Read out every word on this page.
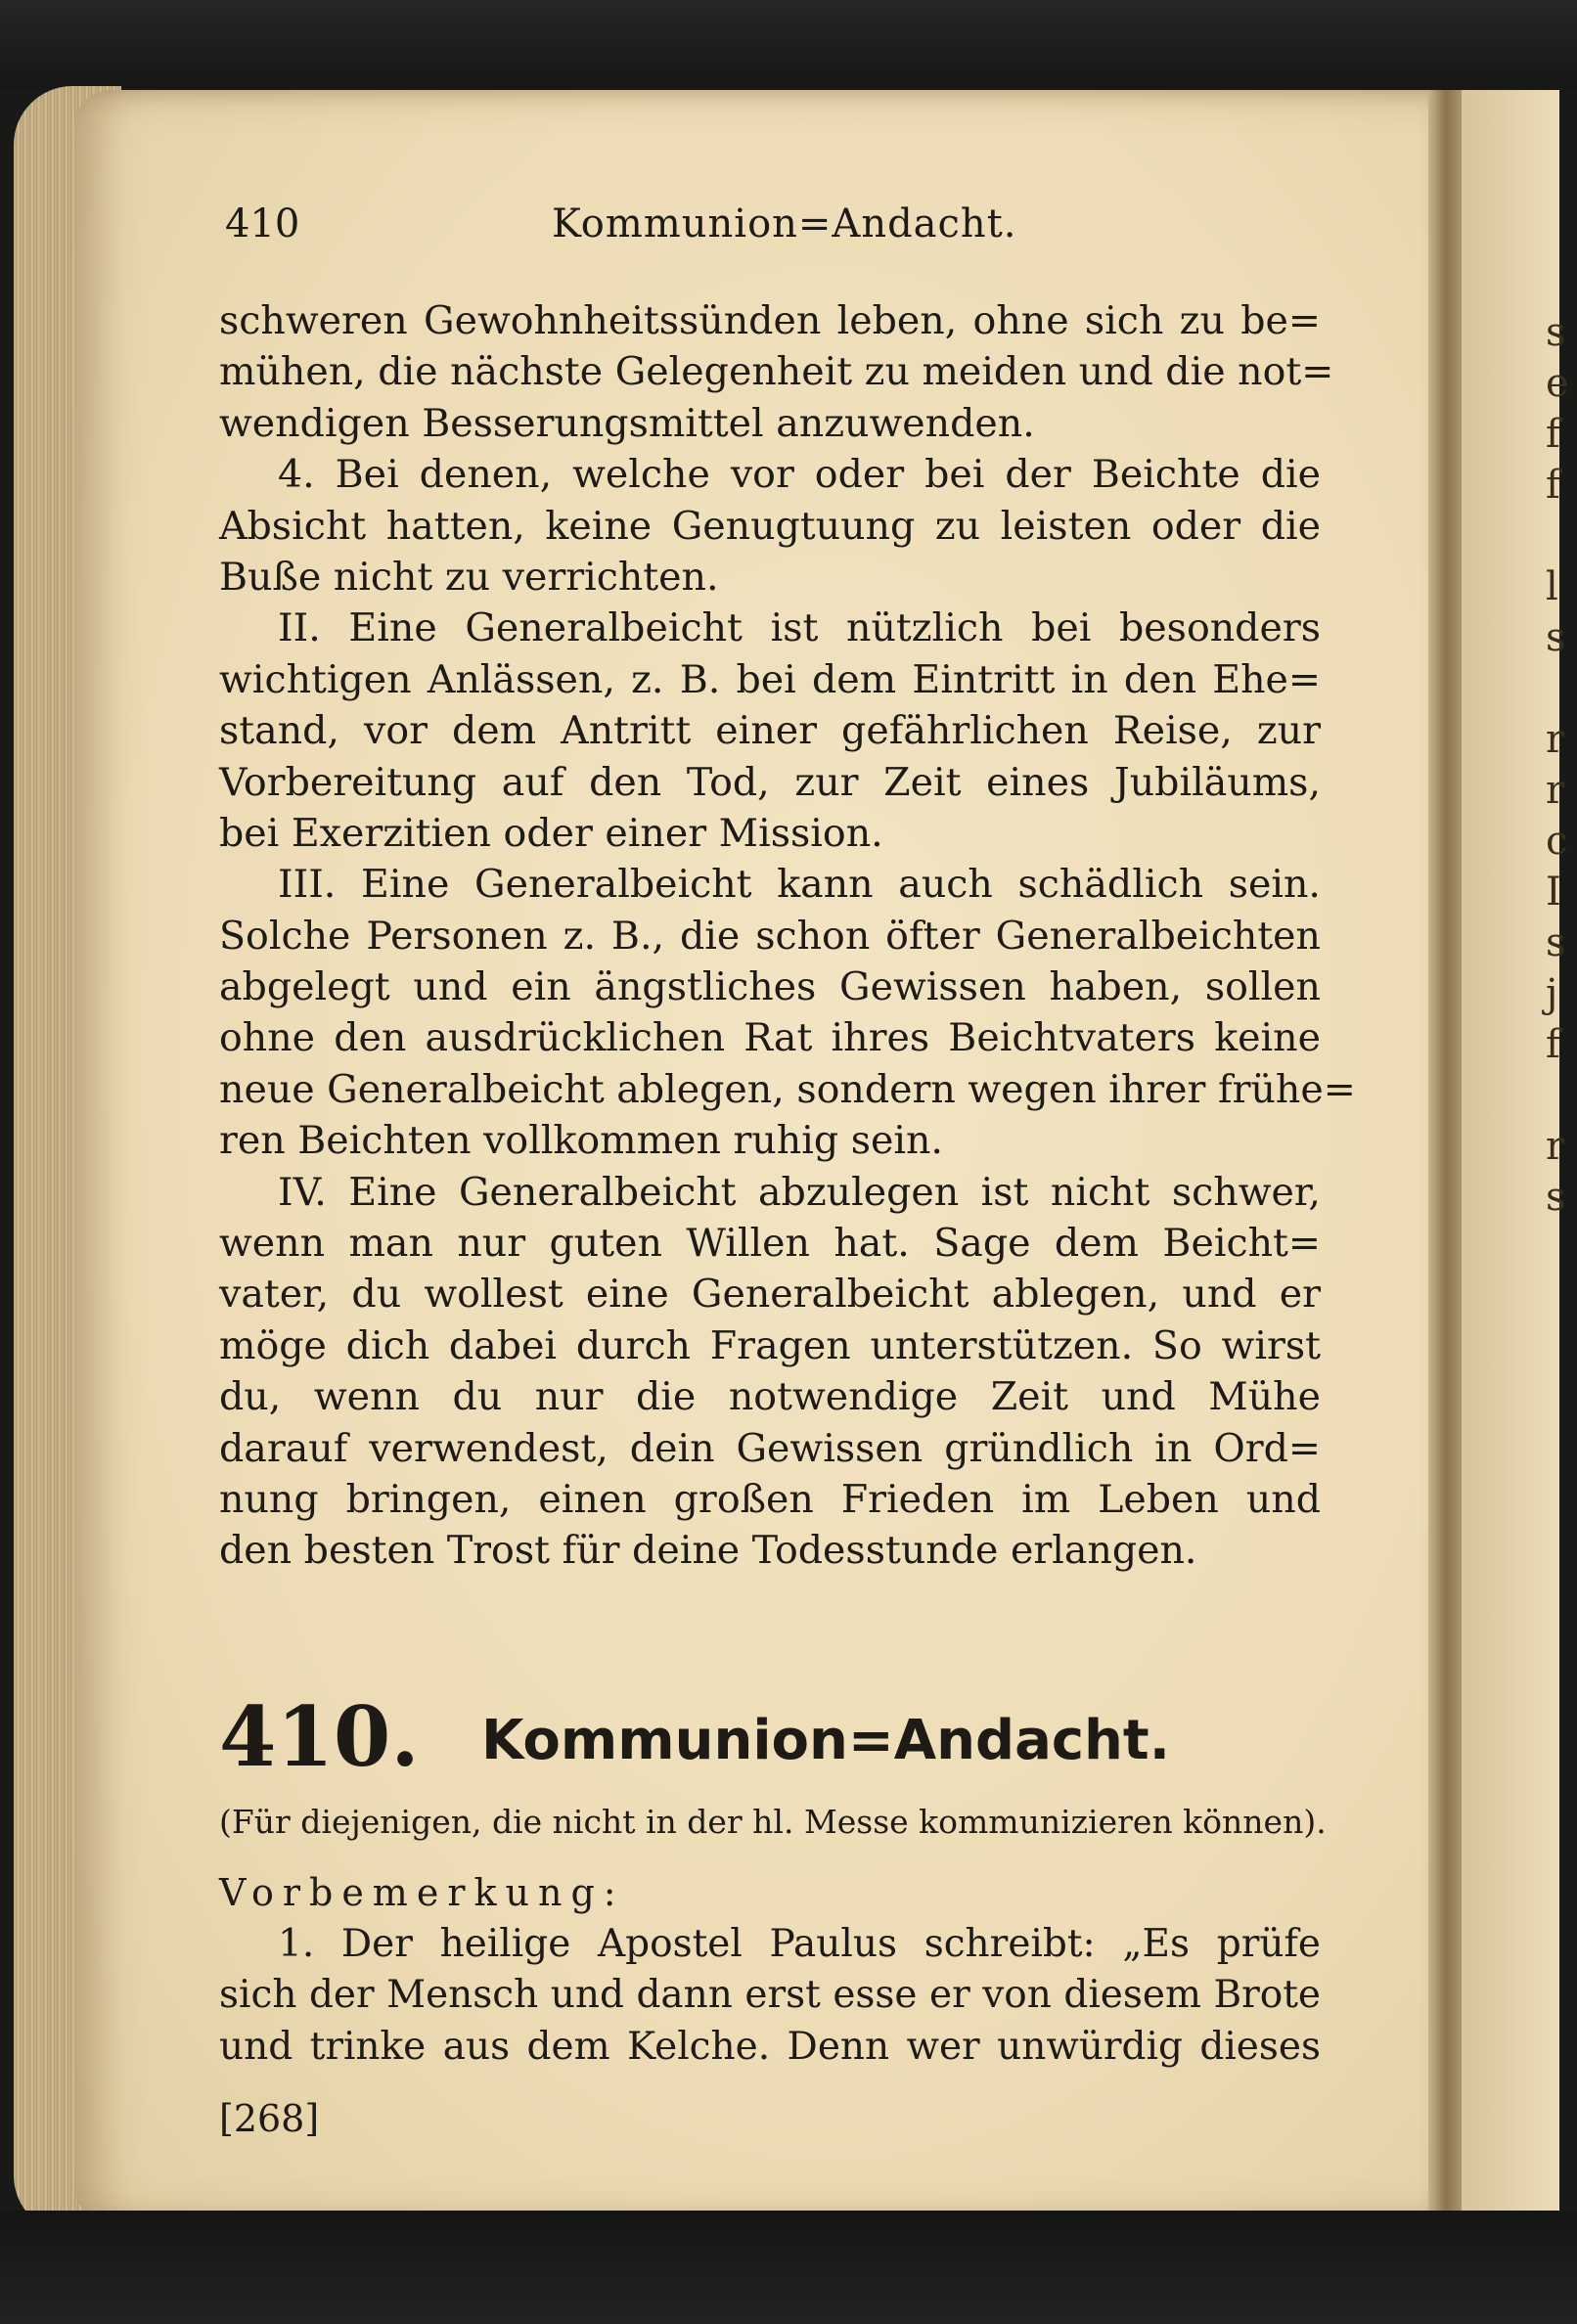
s
e
f
f
l
s
r
r
c
I
s
j
f
r
s
410	Kommunion=Andacht.
schweren Gewohnheitssünden leben, ohne sich zu be=
mühen, die nächste Gelegenheit zu meiden und die not=
wendigen Besserungsmittel anzuwenden.
4. Bei denen, welche vor oder bei der Beichte die
Absicht hatten, keine Genugtuung zu leisten oder die
Buße nicht zu verrichten.
II. Eine Generalbeicht ist nützlich bei besonders
wichtigen Anlässen, z. B. bei dem Eintritt in den Ehe=
stand, vor dem Antritt einer gefährlichen Reise, zur
Vorbereitung auf den Tod, zur Zeit eines Jubiläums,
bei Exerzitien oder einer Mission.
III. Eine Generalbeicht kann auch schädlich sein.
Solche Personen z. B., die schon öfter Generalbeichten
abgelegt und ein ängstliches Gewissen haben, sollen
ohne den ausdrücklichen Rat ihres Beichtvaters keine
neue Generalbeicht ablegen, sondern wegen ihrer frühe=
ren Beichten vollkommen ruhig sein.
IV. Eine Generalbeicht abzulegen ist nicht schwer,
wenn man nur guten Willen hat. Sage dem Beicht=
vater, du wollest eine Generalbeicht ablegen, und er
möge dich dabei durch Fragen unterstützen. So wirst
du, wenn du nur die notwendige Zeit und Mühe
darauf verwendest, dein Gewissen gründlich in Ord=
nung bringen, einen großen Frieden im Leben und
den besten Trost für deine Todesstunde erlangen.
410. Kommunion=Andacht.
(Für diejenigen, die nicht in der hl. Messe kommunizieren können).
Vorbemerkung:
1. Der heilige Apostel Paulus schreibt: „Es prüfe
sich der Mensch und dann erst esse er von diesem Brote
und trinke aus dem Kelche. Denn wer unwürdig dieses
[268]
